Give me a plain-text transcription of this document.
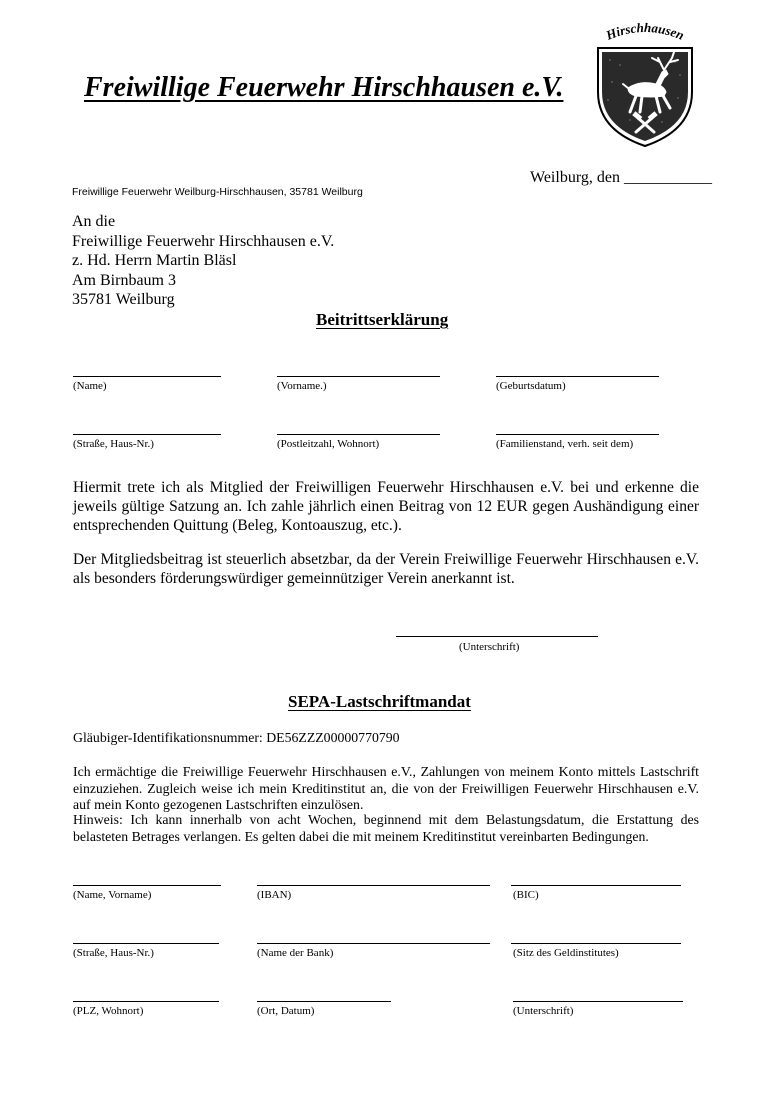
Freiwillige Feuerwehr Hirschhausen e.V.
Hirschhausen
Weilburg, den ___________
Freiwillige Feuerwehr Weilburg-Hirschhausen, 35781 Weilburg
An die
Freiwillige Feuerwehr Hirschhausen e.V.
z. Hd. Herrn Martin Bläsl
Am Birnbaum 3
35781 Weilburg
Beitrittserklärung
(Name)	(Vorname.)	(Geburtsdatum)
(Straße, Haus-Nr.)	(Postleitzahl, Wohnort)	(Familienstand, verh. seit dem)
Hiermit trete ich als Mitglied der Freiwilligen Feuerwehr Hirschhausen e.V. bei und erkenne die jeweils gültige Satzung an. Ich zahle jährlich einen Beitrag von 12 EUR gegen Aushändigung einer entsprechenden Quittung (Beleg, Kontoauszug, etc.).
Der Mitgliedsbeitrag ist steuerlich absetzbar, da der Verein Freiwillige Feuerwehr Hirschhausen e.V. als besonders förderungswürdiger gemeinnütziger Verein anerkannt ist.
(Unterschrift)
SEPA-Lastschriftmandat
Gläubiger-Identifikationsnummer: DE56ZZZ00000770790
Ich ermächtige die Freiwillige Feuerwehr Hirschhausen e.V., Zahlungen von meinem Konto mittels Lastschrift einzuziehen. Zugleich weise ich mein Kreditinstitut an, die von der Freiwilligen Feuerwehr Hirschhausen e.V. auf mein Konto gezogenen Lastschriften einzulösen.
Hinweis: Ich kann innerhalb von acht Wochen, beginnend mit dem Belastungsdatum, die Erstattung des belasteten Betrages verlangen. Es gelten dabei die mit meinem Kreditinstitut vereinbarten Bedingungen.
(Name, Vorname)	(IBAN)	(BIC)
(Straße, Haus-Nr.)	(Name der Bank)	(Sitz des Geldinstitutes)
(PLZ, Wohnort)	(Ort, Datum)	(Unterschrift)
